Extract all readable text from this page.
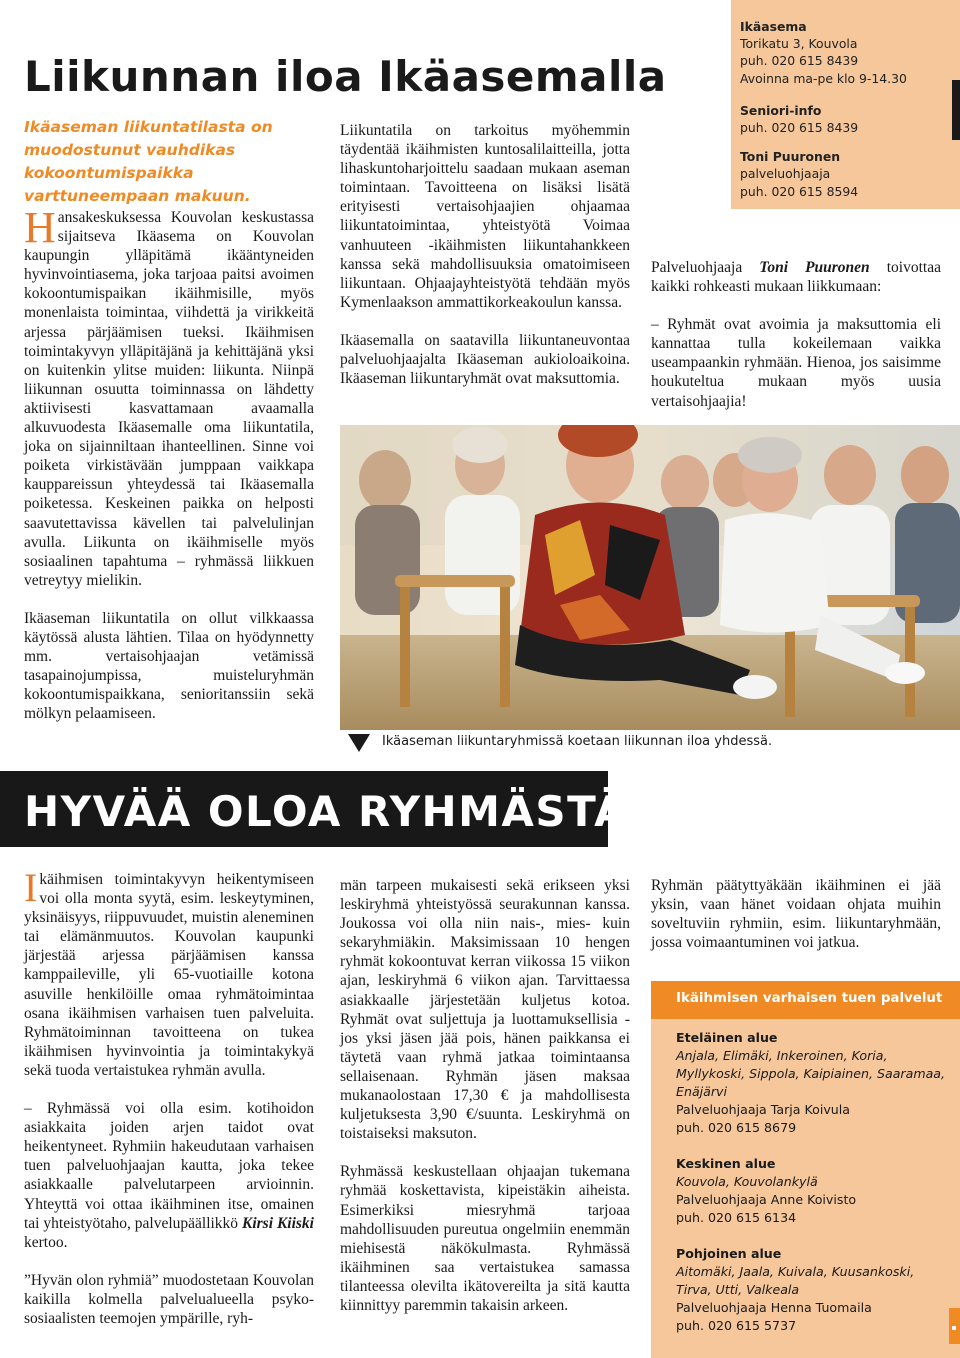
Liikunnan iloa Ikäasemalla
Ikäaseman liikuntatilasta on muodostunut vauhdikas kokoontumispaikka varttuneempaan makuun.

Hansakeskuksessa Kouvolan keskustassa sijaitseva Ikäasema on Kouvolan kaupungin ylläpitämä ikääntyneiden hyvinvointiasema, joka tarjoaa paitsi avoimen kokoontumispaikan ikäihmisille, myös monenlaista toimintaa, viihdettä ja virikkeitä arjessa pärjäämisen tueksi. Ikäihmisen toimintakyvyn ylläpitäjänä ja kehittäjänä yksi on kuitenkin ylitse muiden: liikunta. Niinpä liikunnan osuutta toiminnassa on lähdetty aktiivisesti kasvattamaan avaamalla alkuvuodesta Ikäasemalle oma liikuntatila, joka on sijainniltaan ihanteellinen. Sinne voi poiketa virkistävään jumppaan vaikkapa kauppareissun yhteydessä tai Ikäasemalla poiketessa. Keskeinen paikka on helposti saavutettavissa kävellen tai palvelulinjan avulla. Liikunta on ikäihmiselle myös sosiaalinen tapahtuma – ryhmässä liikkuen vetreytyy mielikin.

Ikäaseman liikuntatila on ollut vilkkaassa käytössä alusta lähtien. Tilaa on hyödynnetty mm. vertaisohjaajan vetämissä tasapainojumpissa, muisteluryhmän kokoontumispaikkana, senioritanssiin sekä mölkyn pelaamiseen.

Liikuntatila on tarkoitus myöhemmin täydentää ikäihmisten kuntosalilaitteilla, jotta lihaskuntoharjoittelu saadaan mukaan aseman toimintaan. Tavoitteena on lisäksi lisätä erityisesti vertaisohjaajien ohjaamaa liikuntatoimintaa, yhteistyötä Voimaa vanhuuteen -ikäihmisten liikuntahankkeen kanssa sekä mahdollisuuksia omatoimiseen liikuntaan. Ohjaajayhteistyötä tehdään myös Kymenlaakson ammattikorkeakoulun kanssa.

Ikäasemalla on saatavilla liikuntaneuvontaa palveluohjaajalta Ikäaseman aukioloaikoina. Ikäaseman liikuntaryhmät ovat maksuttomia.

Palveluohjaaja Toni Puuronen toivottaa kaikki rohkeasti mukaan liikkumaan:

– Ryhmät ovat avoimia ja maksuttomia eli kannattaa tulla kokeilemaan vaikka useampaankin ryhmään. Hienoa, jos saisimme houkuteltua mukaan myös uusia vertaisohjaajia!

Ikäasema
Torikatu 3, Kouvola
puh. 020 615 8439
Avoinna ma-pe klo 9-14.30
Seniori-info
puh. 020 615 8439
Toni Puuronen
palveluohjaaja
puh. 020 615 8594
Ikäaseman liikuntaryhmissä koetaan liikunnan iloa yhdessä.
HYVÄÄ OLOA RYHMÄSTÄ

Ikäihmisen toimintakyvyn heikentymiseen voi olla monta syytä, esim. leskeytyminen, yksinäisyys, riippuvuudet, muistin aleneminen tai elämänmuutos. Kouvolan kaupunki järjestää arjessa pärjäämisen kanssa kamppaileville, yli 65-vuotiaille kotona asuville henkilöille omaa ryhmätoimintaa osana ikäihmisen varhaisen tuen palveluita. Ryhmätoiminnan tavoitteena on tukea ikäihmisen hyvinvointia ja toimintakykyä sekä tuoda vertaistukea ryhmän avulla.

– Ryhmässä voi olla esim. kotihoidon asiakkaita joiden arjen taidot ovat heikentyneet. Ryhmiin hakeudutaan varhaisen tuen palveluohjaajan kautta, joka tekee asiakkaalle palvelutarpeen arvioinnin. Yhteyttä voi ottaa ikäihminen itse, omainen tai yhteistyötaho, palvelupäällikkö Kirsi Kiiski kertoo.

”Hyvän olon ryhmiä” muodostetaan Kouvolan kaikilla kolmella palvelualueella psyko-sosiaalisten teemojen ympärille, ryh-

män tarpeen mukaisesti sekä erikseen yksi leskiryhmä yhteistyössä seurakunnan kanssa. Joukossa voi olla niin nais-, mies- kuin sekaryhmiäkin. Maksimissaan 10 hengen ryhmät kokoontuvat kerran viikossa 15 viikon ajan, leskiryhmä 6 viikon ajan. Tarvittaessa asiakkaalle järjestetään kuljetus kotoa. Ryhmät ovat suljettuja ja luottamuksellisia - jos yksi jäsen jää pois, hänen paikkansa ei täytetä vaan ryhmä jatkaa toimintaansa sellaisenaan. Ryhmän jäsen maksaa mukanaolostaan 17,30 € ja mahdollisesta kuljetuksesta 3,90 €/suunta. Leskiryhmä on toistaiseksi maksuton.

Ryhmässä keskustellaan ohjaajan tukemana ryhmää koskettavista, kipeistäkin aiheista. Esimerkiksi miesryhmä tarjoaa mahdollisuuden pureutua ongelmiin enemmän miehisestä näkökulmasta. Ryhmässä ikäihminen saa vertaistukea samassa tilanteessa olevilta ikätovereilta ja sitä kautta kiinnittyy paremmin takaisin arkeen.

Ryhmän päätyttyäkään ikäihminen ei jää yksin, vaan hänet voidaan ohjata muihin soveltuviin ryhmiin, esim. liikuntaryhmään, jossa voimaantuminen voi jatkua.

Ikäihmisen varhaisen tuen palvelut
Eteläinen alue
Anjala, Elimäki, Inkeroinen, Koria, Myllykoski, Sippola, Kaipiainen, Saaramaa, Enäjärvi
Palveluohjaaja Tarja Koivula
puh. 020 615 8679
Keskinen alue
Kouvola, Kouvolankylä
Palveluohjaaja Anne Koivisto
puh. 020 615 6134
Pohjoinen alue
Aitomäki, Jaala, Kuivala, Kuusankoski, Tirva, Utti, Valkeala
Palveluohjaaja Henna Tuomaila
puh. 020 615 5737
